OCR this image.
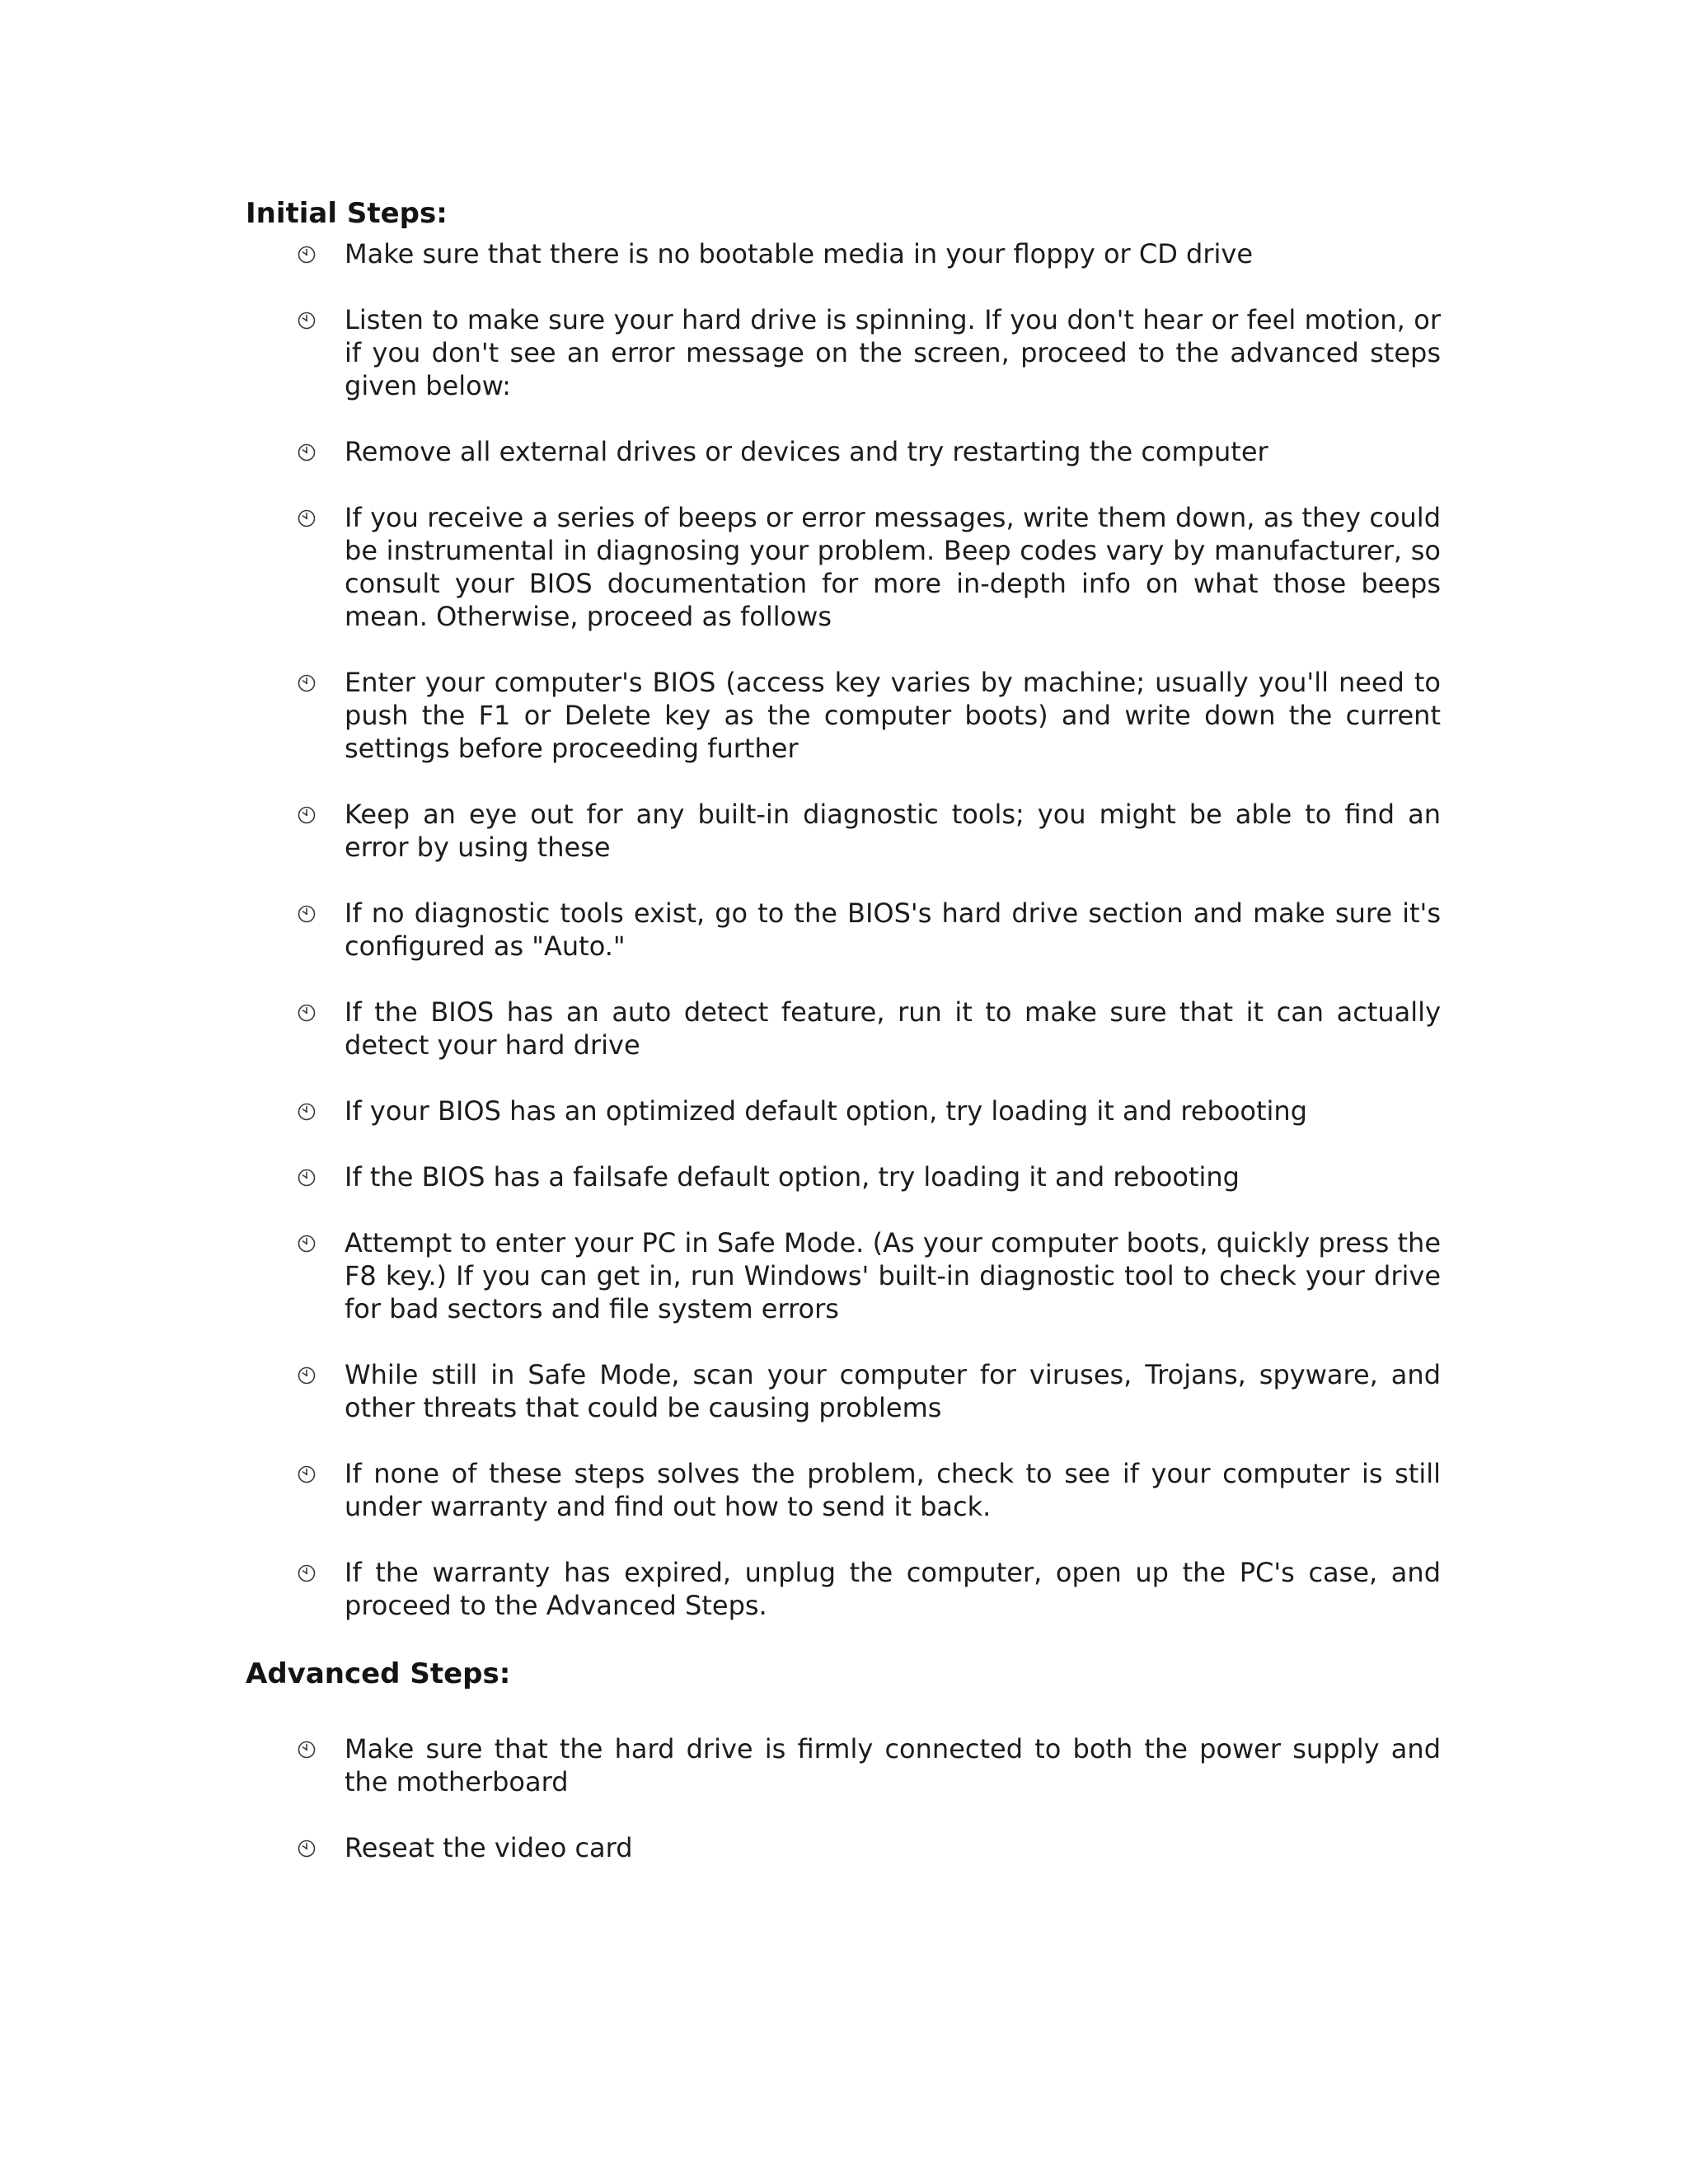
Initial Steps:
Make sure that there is no bootable media in your floppy or CD drive
Listen to make sure your hard drive is spinning. If you don't hear or feel motion, or if you don't see an error message on the screen, proceed to the advanced steps given below:
Remove all external drives or devices and try restarting the computer
If you receive a series of beeps or error messages, write them down, as they could be instrumental in diagnosing your problem. Beep codes vary by manufacturer, so consult your BIOS documentation for more in-depth info on what those beeps mean. Otherwise, proceed as follows
Enter your computer's BIOS (access key varies by machine; usually you'll need to push the F1 or Delete key as the computer boots) and write down the current settings before proceeding further
Keep an eye out for any built-in diagnostic tools; you might be able to find an error by using these
If no diagnostic tools exist, go to the BIOS's hard drive section and make sure it's configured as "Auto."
If the BIOS has an auto detect feature, run it to make sure that it can actually detect your hard drive
If your BIOS has an optimized default option, try loading it and rebooting
If the BIOS has a failsafe default option, try loading it and rebooting
Attempt to enter your PC in Safe Mode. (As your computer boots, quickly press the F8 key.) If you can get in, run Windows' built-in diagnostic tool to check your drive for bad sectors and file system errors
While still in Safe Mode, scan your computer for viruses, Trojans, spyware, and other threats that could be causing problems
If none of these steps solves the problem, check to see if your computer is still under warranty and find out how to send it back.
If the warranty has expired, unplug the computer, open up the PC's case, and proceed to the Advanced Steps.
Advanced Steps:
Make sure that the hard drive is firmly connected to both the power supply and the motherboard
Reseat the video card
